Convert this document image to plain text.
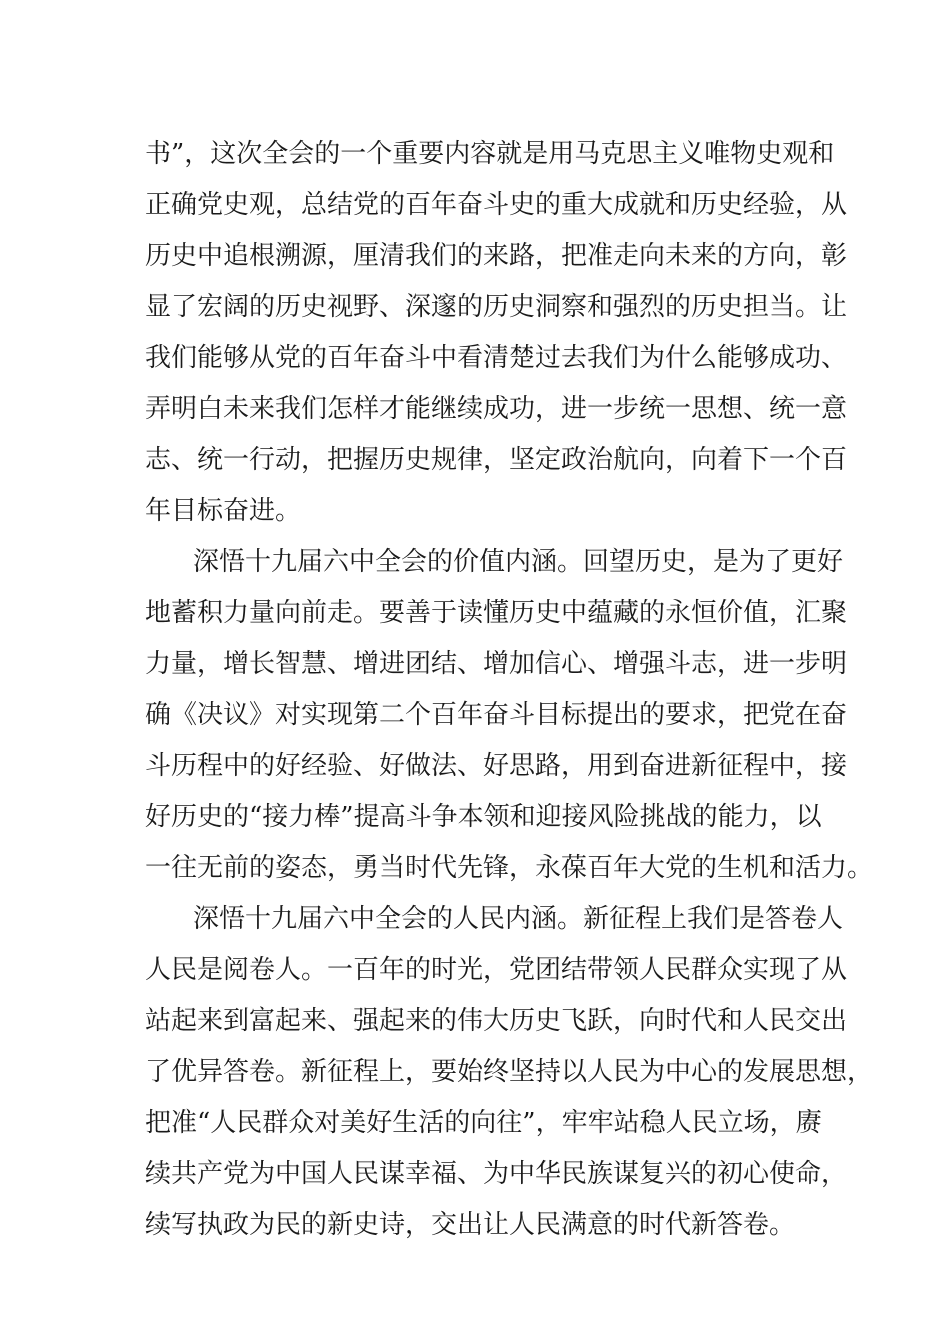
书”，这次全会的一个重要内容就是用马克思主义唯物史观和
正确党史观，总结党的百年奋斗史的重大成就和历史经验，从
历史中追根溯源，厘清我们的来路，把准走向未来的方向，彰
显了宏阔的历史视野、深邃的历史洞察和强烈的历史担当。让
我们能够从党的百年奋斗中看清楚过去我们为什么能够成功、
弄明白未来我们怎样才能继续成功，进一步统一思想、统一意
志、统一行动，把握历史规律，坚定政治航向，向着下一个百
年目标奋进。
深悟十九届六中全会的价值内涵。回望历史，是为了更好
地蓄积力量向前走。要善于读懂历史中蕴藏的永恒价值，汇聚
力量，增长智慧、增进团结、增加信心、增强斗志，进一步明
确《决议》对实现第二个百年奋斗目标提出的要求，把党在奋
斗历程中的好经验、好做法、好思路，用到奋进新征程中，接
好历史的“接力棒”提高斗争本领和迎接风险挑战的能力，以
一往无前的姿态，勇当时代先锋，永葆百年大党的生机和活力。
深悟十九届六中全会的人民内涵。新征程上我们是答卷人
人民是阅卷人。一百年的时光，党团结带领人民群众实现了从
站起来到富起来、强起来的伟大历史飞跃，向时代和人民交出
了优异答卷。新征程上，要始终坚持以人民为中心的发展思想，
把准“人民群众对美好生活的向往”，牢牢站稳人民立场，赓
续共产党为中国人民谋幸福、为中华民族谋复兴的初心使命，
续写执政为民的新史诗，交出让人民满意的时代新答卷。
